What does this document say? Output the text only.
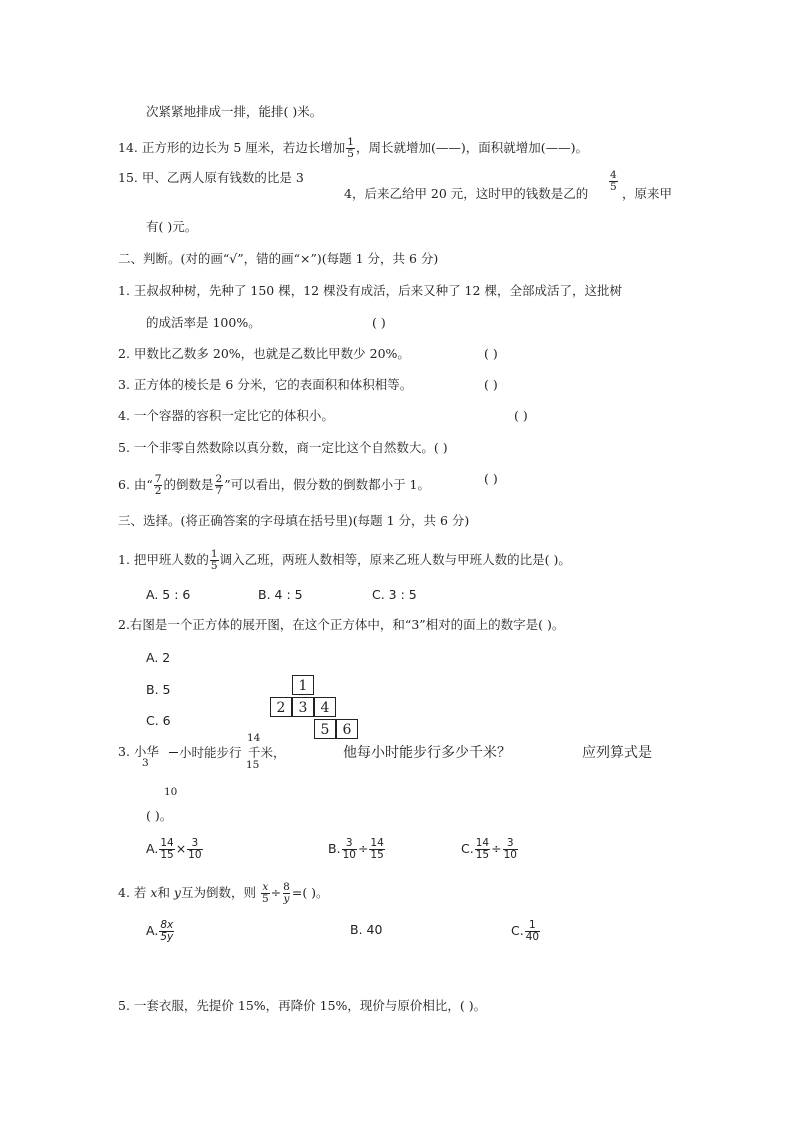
次紧紧地排成一排，能排( )米。
14. 正方形的边长为 5 厘米，若边长增加 $\frac{1}{5}$ ，周长就增加(——)，面积就增加(——)。
15. 甲、乙两人原有钱数的比是 3
4，后来乙给甲 20 元，这时甲的钱数是乙的
$\frac{4}{5}$
，原来甲
有( )元。
二、判断。(对的画“√”，错的画“×”)(每题 1 分，共 6 分)
1. 王叔叔种树，先种了 150 棵，12 棵没有成活，后来又种了 12 棵，全部成活了，这批树
的成活率是 100%。	( )
2. 甲数比乙数多 20%，也就是乙数比甲数少 20%。	( )
3. 正方体的棱长是 6 分米，它的表面积和体积相等。	( )
4. 一个容器的容积一定比它的体积小。	( )
5. 一个非零自然数除以真分数，商一定比这个自然数大。( )
6. 由“ $\frac{7}{2}$ 的倒数是 $\frac{2}{7}$ ”可以看出，假分数的倒数都小于 1。	( )
三、选择。(将正确答案的字母填在括号里)(每题 1 分，共 6 分)
1. 把甲班人数的 $\frac{1}{5}$ 调入乙班，两班人数相等，原来乙班人数与甲班人数的比是( )。
A. 5 : 6	B. 4 : 5	C. 3 : 5
2.右图是一个正方体的展开图，在这个正方体中，和“3”相对的面上的数字是( )。
A. 2
B. 5
C. 6
1
2 3 4
5 6
3. 小华
3
小时能步行
14
千米，
15
他每小时能步行多少千米？	应列算式是
10
( )。
A. $\frac{14}{15} \times \frac{3}{10}$	B. $\frac{3}{10} \div \frac{14}{15}$	C. $\frac{14}{15} \div \frac{3}{10}$
4. 若 x和 y互为倒数，则 $\frac{x}{5} \div \frac{8}{y}$ =( )。
A. $\frac{8x}{5y}$	B. 40	C. $\frac{1}{40}$
5. 一套衣服，先提价 15%，再降价 15%，现价与原价相比，( )。
